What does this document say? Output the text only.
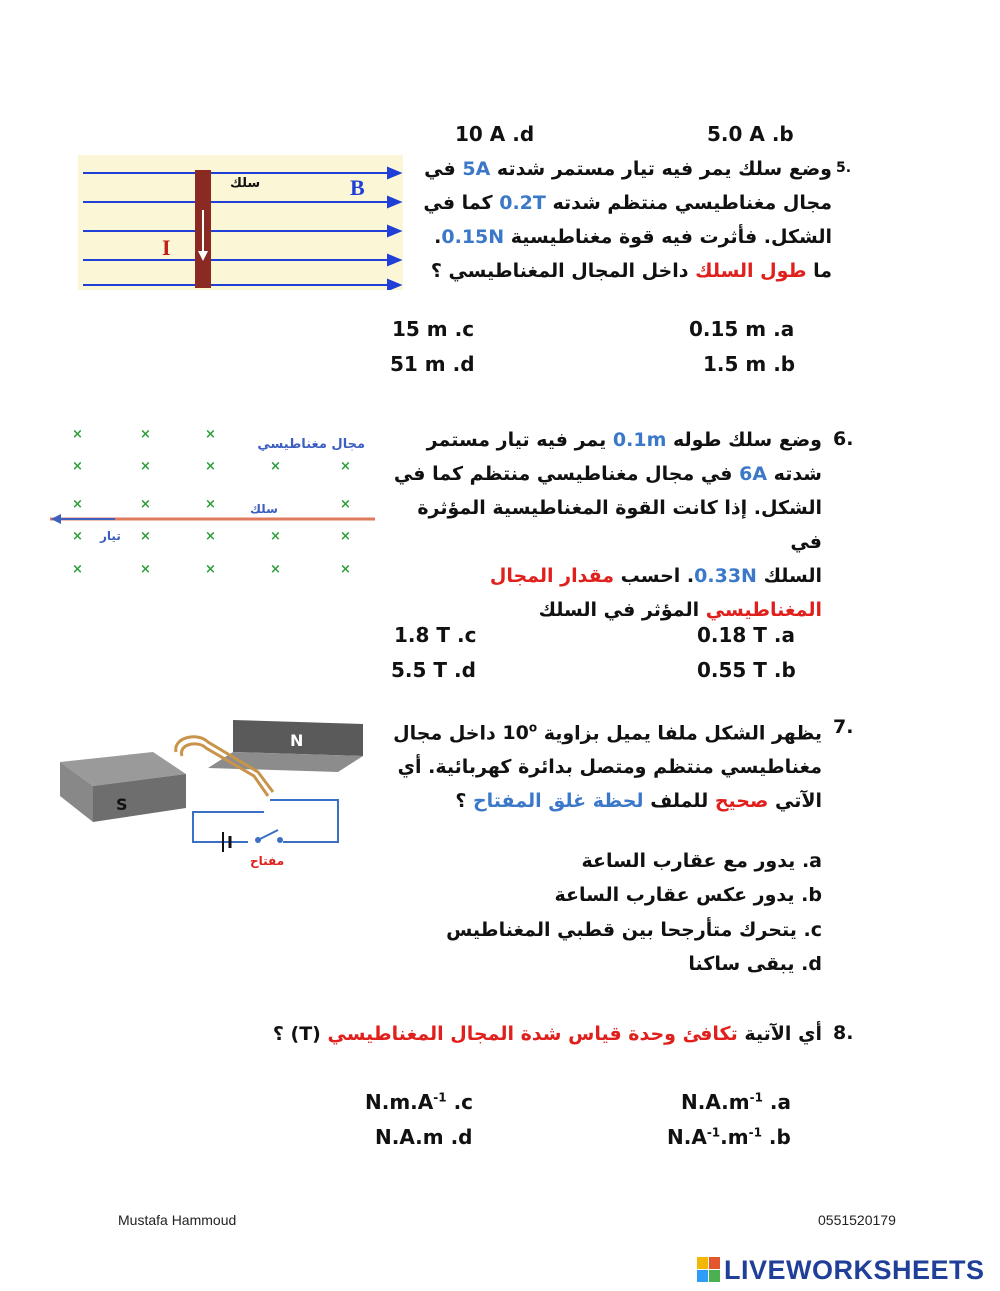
10 A .d	5.0 A .b
سلك	B
I
5.
وضع سلك يمر فيه تيار مستمر شدته 5A في
مجال مغناطيسي منتظم شدته 0.2T كما في
الشكل. فأثرت فيه قوة مغناطيسية 0.15N.
ما طول السلك داخل المجال المغناطيسي ؟
0.15 m .a
1.5 m .b
15 m .c
51 m .d
×	×	×
×	×	×	×	×
×	×	×	×
×	×	×	×	×
×	×	×	×	×
مجال مغناطيسي
سلك
تيار
6.
وضع سلك طوله 0.1m يمر فيه تيار مستمر
شدته 6A في مجال مغناطيسي منتظم كما في
الشكل. إذا كانت القوة المغناطيسية المؤثرة في
السلك 0.33N. احسب مقدار المجال
المغناطيسي المؤثر في السلك
0.18 T .a
0.55 T .b
1.8 T .c
5.5 T .d
S
N
مفتاح
7.
يظهر الشكل ملفا يميل بزاوية 10$^o$ داخل مجال
مغناطيسي منتظم ومتصل بدائرة كهربائية. أي
الآتي صحيح للملف لحظة غلق المفتاح ؟
a. يدور مع عقارب الساعة
b. يدور عكس عقارب الساعة
c. يتحرك متأرجحا بين قطبي المغناطيس
d. يبقى ساكنا
8.
أي الآتية تكافئ وحدة قياس شدة المجال المغناطيسي (T) ؟
$N.A.m^{-1}$ .a
$N.A^{-1}.m^{-1}$ .b
$N.m.A^{-1}$ .c
N.A.m .d
Mustafa Hammoud	0551520179
LIVEWORKSHEETS
